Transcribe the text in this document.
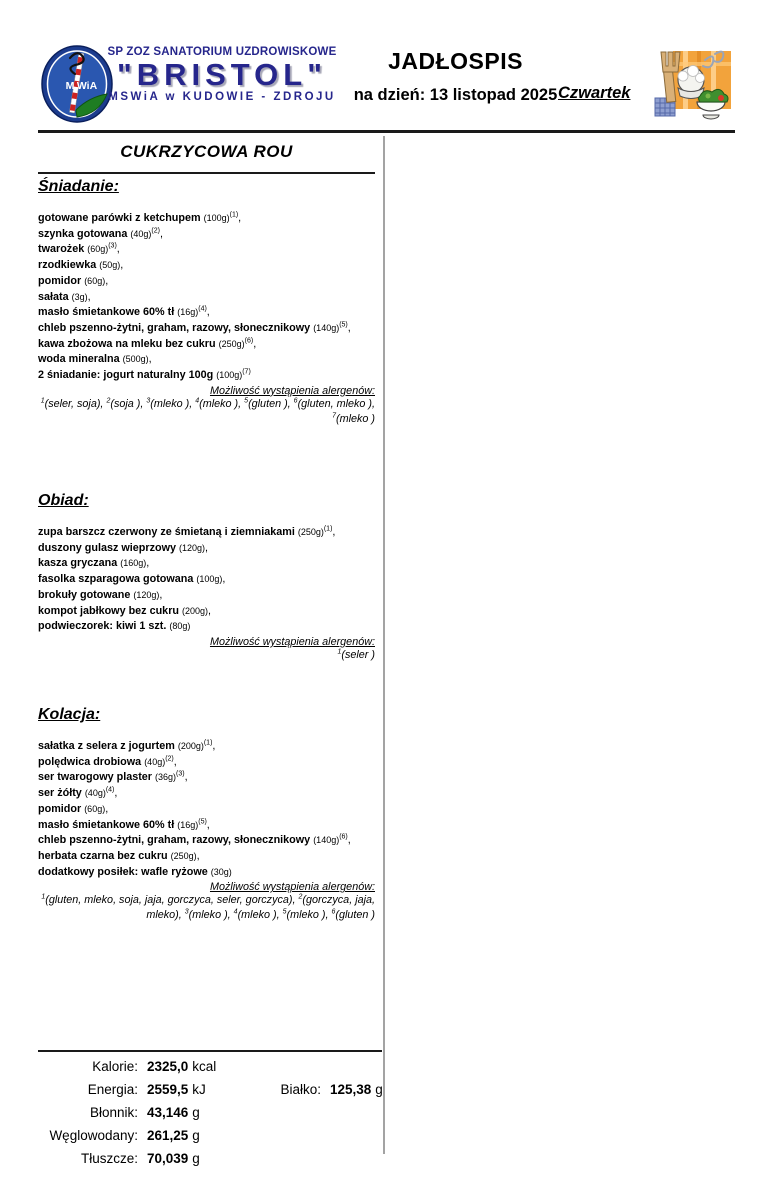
M WiA
SP ZOZ SANATORIUM UZDROWISKOWE
"BRISTOL"
MSWiA w KUDOWIE - ZDROJU
JADŁOSPIS
na dzień: 13 listopad 2025 Czwartek
CUKRZYCOWA ROU
Śniadanie:
gotowane parówki z ketchupem $(100g)^{(1)}$,
szynka gotowana $(40g)^{(2)}$,
twarożek $(60g)^{(3)}$,
rzodkiewka (50g),
pomidor (60g),
sałata (3g),
masło śmietankowe 60% tł $(16g)^{(4)}$,
chleb pszenno-żytni, graham, razowy, słonecznikowy $(140g)^{(5)}$,
kawa zbożowa na mleku bez cukru $(250g)^{(6)}$,
woda mineralna (500g),
2 śniadanie: jogurt naturalny 100g $(100g)^{(7)}$
Możliwość wystąpienia alergenów:
$^1$(seler, soja), $^2$(soja ), $^3$(mleko ), $^4$(mleko ), $^5$(gluten ), $^6$(gluten, mleko ), $^7$(mleko )
Obiad:
zupa barszcz czerwony ze śmietaną i ziemniakami $(250g)^{(1)}$,
duszony gulasz wieprzowy (120g),
kasza gryczana (160g),
fasolka szparagowa gotowana (100g),
brokuły gotowane (120g),
kompot jabłkowy bez cukru (200g),
podwieczorek: kiwi 1 szt. (80g)
Możliwość wystąpienia alergenów:
$^1$(seler )
Kolacja:
sałatka z selera z jogurtem $(200g)^{(1)}$,
polędwica drobiowa $(40g)^{(2)}$,
ser twarogowy plaster $(36g)^{(3)}$,
ser żółty $(40g)^{(4)}$,
pomidor (60g),
masło śmietankowe 60% tł $(16g)^{(5)}$,
chleb pszenno-żytni, graham, razowy, słonecznikowy $(140g)^{(6)}$,
herbata czarna bez cukru (250g),
dodatkowy posiłek: wafle ryżowe (30g)
Możliwość wystąpienia alergenów:
$^1$(gluten, mleko, soja, jaja, gorczyca, seler, gorczyca), $^2$(gorczyca, jaja, mleko), $^3$(mleko ), $^4$(mleko ), $^5$(mleko ), $^6$(gluten )
Kalorie: 2325,0 kcal
Energia: 2559,5 kJ	Białko: 125,38 g
Błonnik: 43,146 g
Węglowodany: 261,25 g
Tłuszcze: 70,039 g
